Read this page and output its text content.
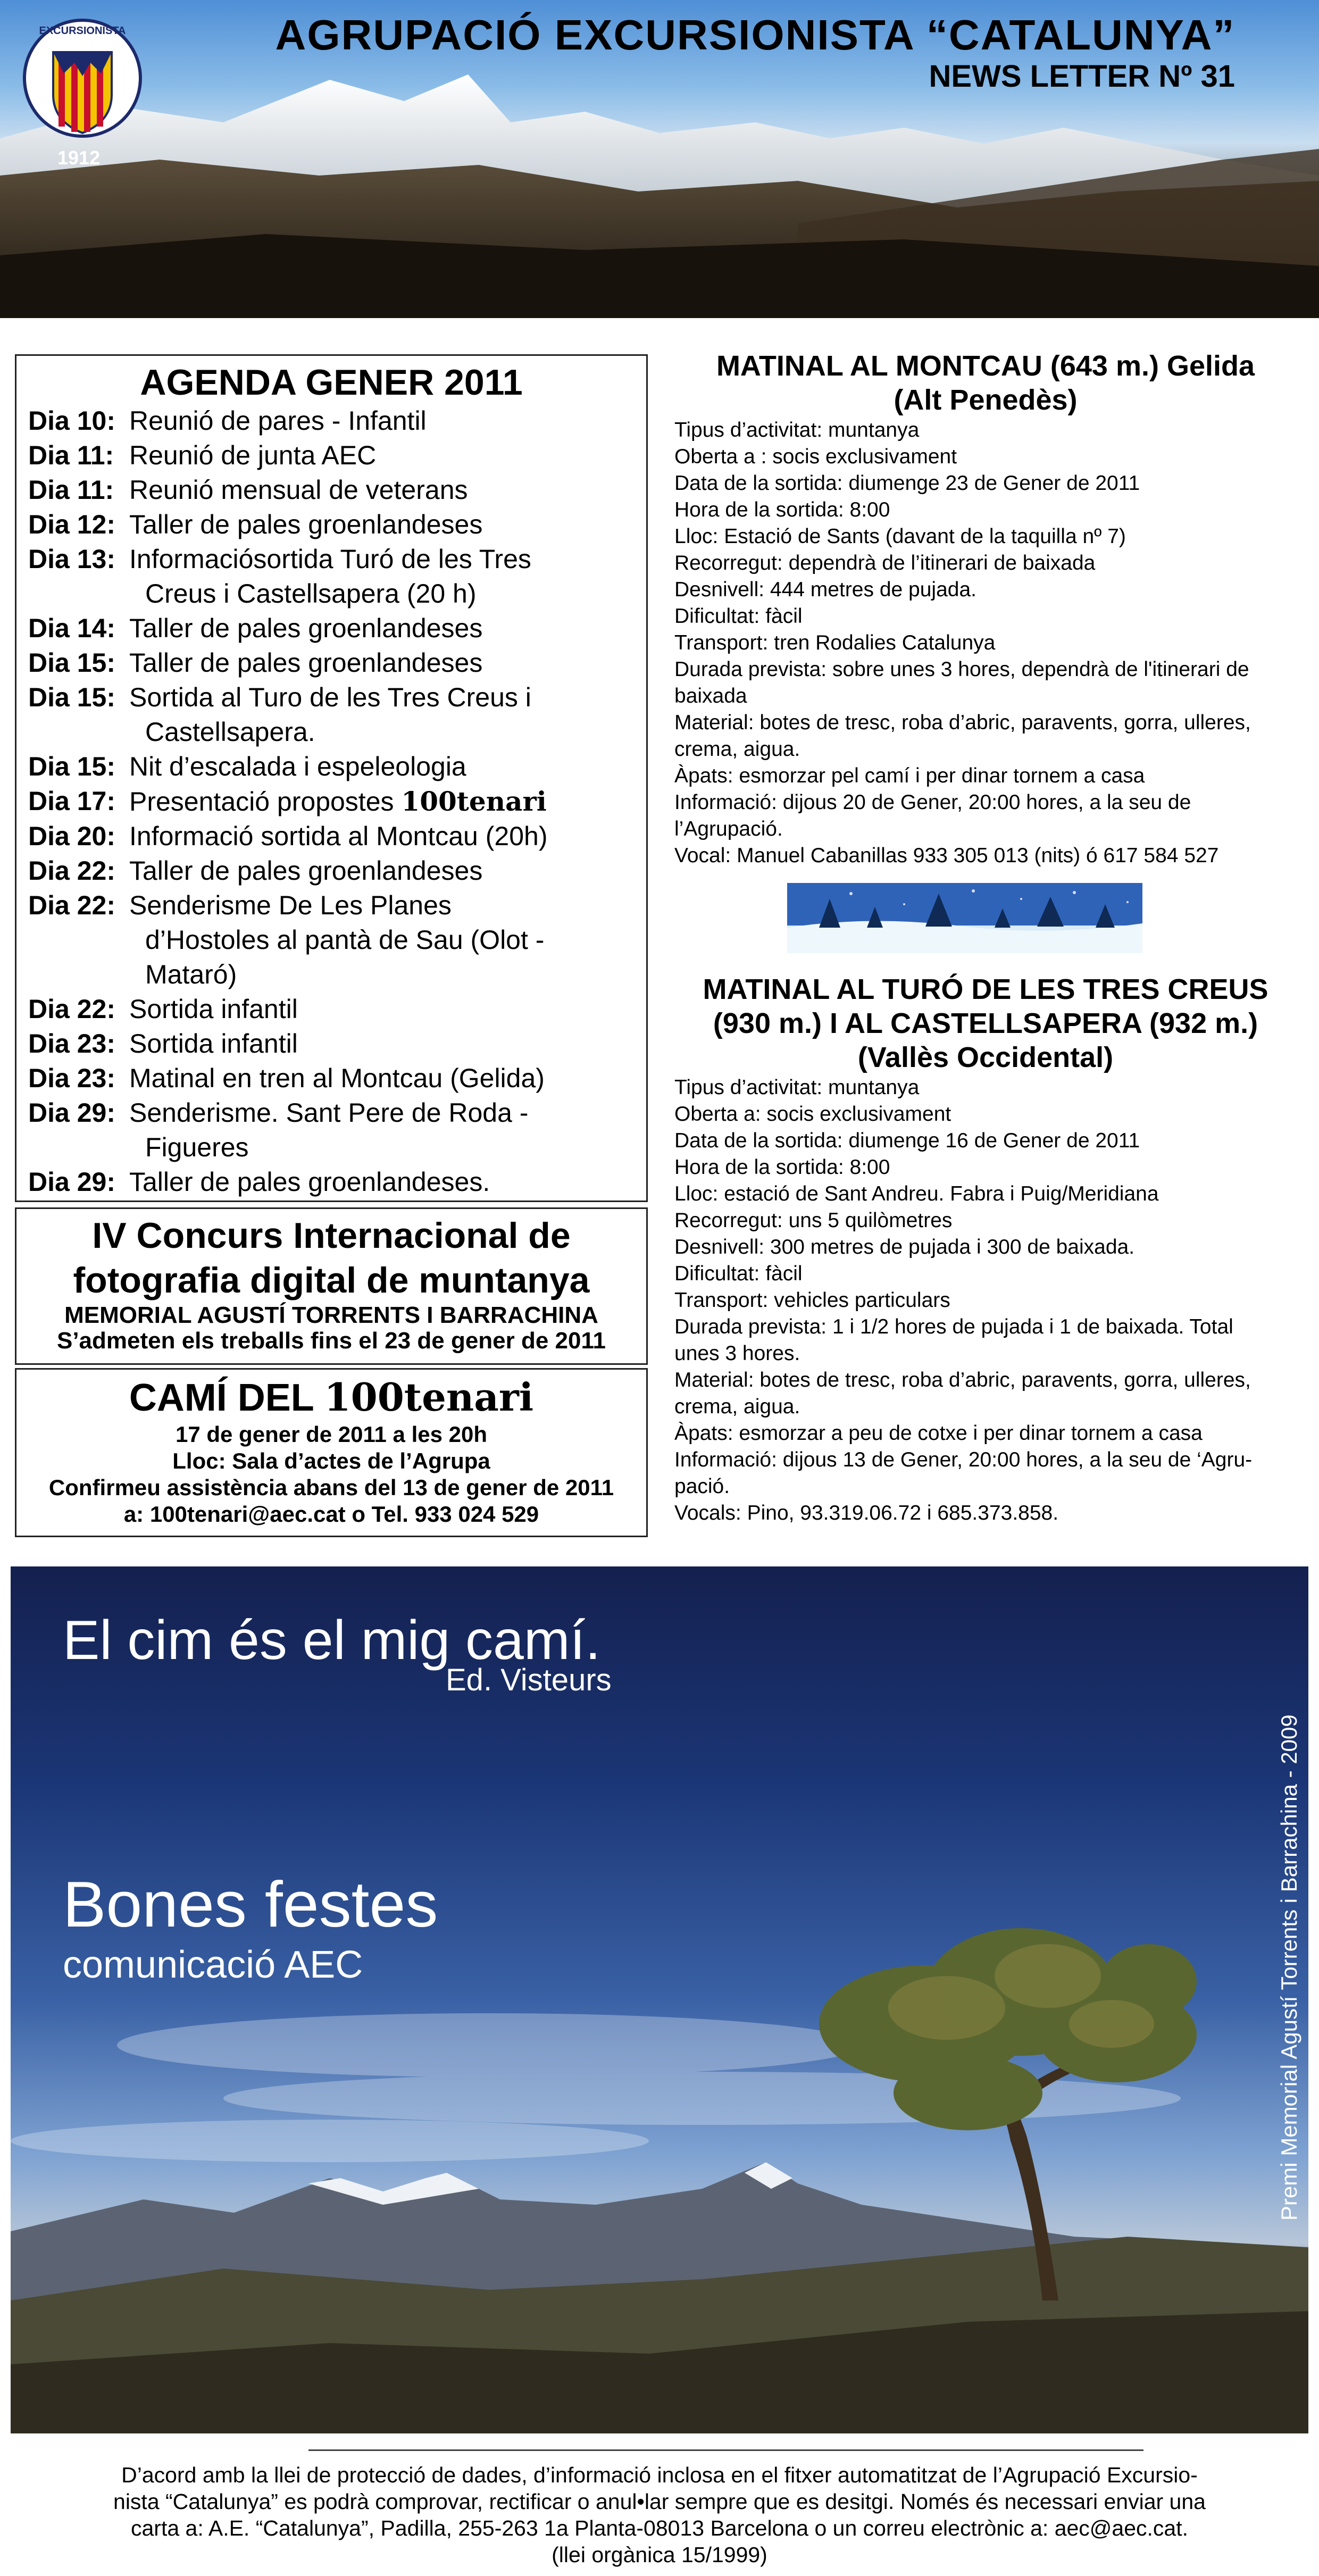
EXCURSIONISTA
1912
AGRUPACIÓ EXCURSIONISTA “CATALUNYA”
NEWS LETTER Nº 31
AGENDA GENER 2011
Dia 10: Reunió de pares - Infantil
Dia 11: Reunió de junta AEC
Dia 11: Reunió mensual de veterans
Dia 12: Taller de pales groenlandeses
Dia 13: Informaciósortida Turó de les Tres
Creus i Castellsapera (20 h)
Dia 14: Taller de pales groenlandeses
Dia 15: Taller de pales groenlandeses
Dia 15: Sortida al Turo de les Tres Creus i
Castellsapera.
Dia 15: Nit d’escalada i espeleologia
Dia 17: Presentació propostes 100tenari
Dia 20: Informació sortida al Montcau (20h)
Dia 22: Taller de pales groenlandeses
Dia 22: Senderisme De Les Planes
d’Hostoles al pantà de Sau (Olot -
Mataró)
Dia 22: Sortida infantil
Dia 23: Sortida infantil
Dia 23: Matinal en tren al Montcau (Gelida)
Dia 29: Senderisme. Sant Pere de Roda -
Figueres
Dia 29: Taller de pales groenlandeses.
IV Concurs Internacional de
fotografia digital de muntanya
MEMORIAL AGUSTÍ TORRENTS I BARRACHINA
S’admeten els treballs fins el 23 de gener de 2011
CAMÍ DEL 100tenari
17 de gener de 2011 a les 20h
Lloc: Sala d’actes de l’Agrupa
Confirmeu assistència abans del 13 de gener de 2011
a: 100tenari@aec.cat o Tel. 933 024 529
MATINAL AL MONTCAU (643 m.) Gelida
(Alt Penedès)
Tipus d’activitat: muntanya
Oberta a : socis exclusivament
Data de la sortida: diumenge 23 de Gener de 2011
Hora de la sortida: 8:00
Lloc: Estació de Sants (davant de la taquilla nº 7)
Recorregut: dependrà de l’itinerari de baixada
Desnivell: 444 metres de pujada.
Dificultat: fàcil
Transport: tren Rodalies Catalunya
Durada prevista: sobre unes 3 hores, dependrà de l'itinerari de
baixada
Material: botes de tresc, roba d’abric, paravents, gorra, ulleres,
crema, aigua.
Àpats: esmorzar pel camí i per dinar tornem a casa
Informació: dijous 20 de Gener, 20:00 hores, a la seu de
l’Agrupació.
Vocal: Manuel Cabanillas 933 305 013 (nits) ó 617 584 527
MATINAL AL TURÓ DE LES TRES CREUS
(930 m.) I AL CASTELLSAPERA (932 m.)
(Vallès Occidental)
Tipus d’activitat: muntanya
Oberta a: socis exclusivament
Data de la sortida: diumenge 16 de Gener de 2011
Hora de la sortida: 8:00
Lloc: estació de Sant Andreu. Fabra i Puig/Meridiana
Recorregut: uns 5 quilòmetres
Desnivell: 300 metres de pujada i 300 de baixada.
Dificultat: fàcil
Transport: vehicles particulars
Durada prevista: 1 i 1/2 hores de pujada i 1 de baixada. Total
unes 3 hores.
Material: botes de tresc, roba d’abric, paravents, gorra, ulleres,
crema, aigua.
Àpats: esmorzar a peu de cotxe i per dinar tornem a casa
Informació: dijous 13 de Gener, 20:00 hores, a la seu de ‘Agru-
pació.
Vocals: Pino, 93.319.06.72 i 685.373.858.
El cim és el mig camí.
Ed. Visteurs
Bones festes
comunicació AEC	Premi Memorial Agustí Torrents i Barrachina - 2009
D’acord amb la llei de protecció de dades, d’informació inclosa en el fitxer automatitzat de l’Agrupació Excursio-
nista “Catalunya” es podrà comprovar, rectificar o anul•lar sempre que es desitgi. Només és necessari enviar una
carta a: A.E. “Catalunya”, Padilla, 255-263 1a Planta-08013 Barcelona o un correu electrònic a: aec@aec.cat.
(llei orgànica 15/1999)
